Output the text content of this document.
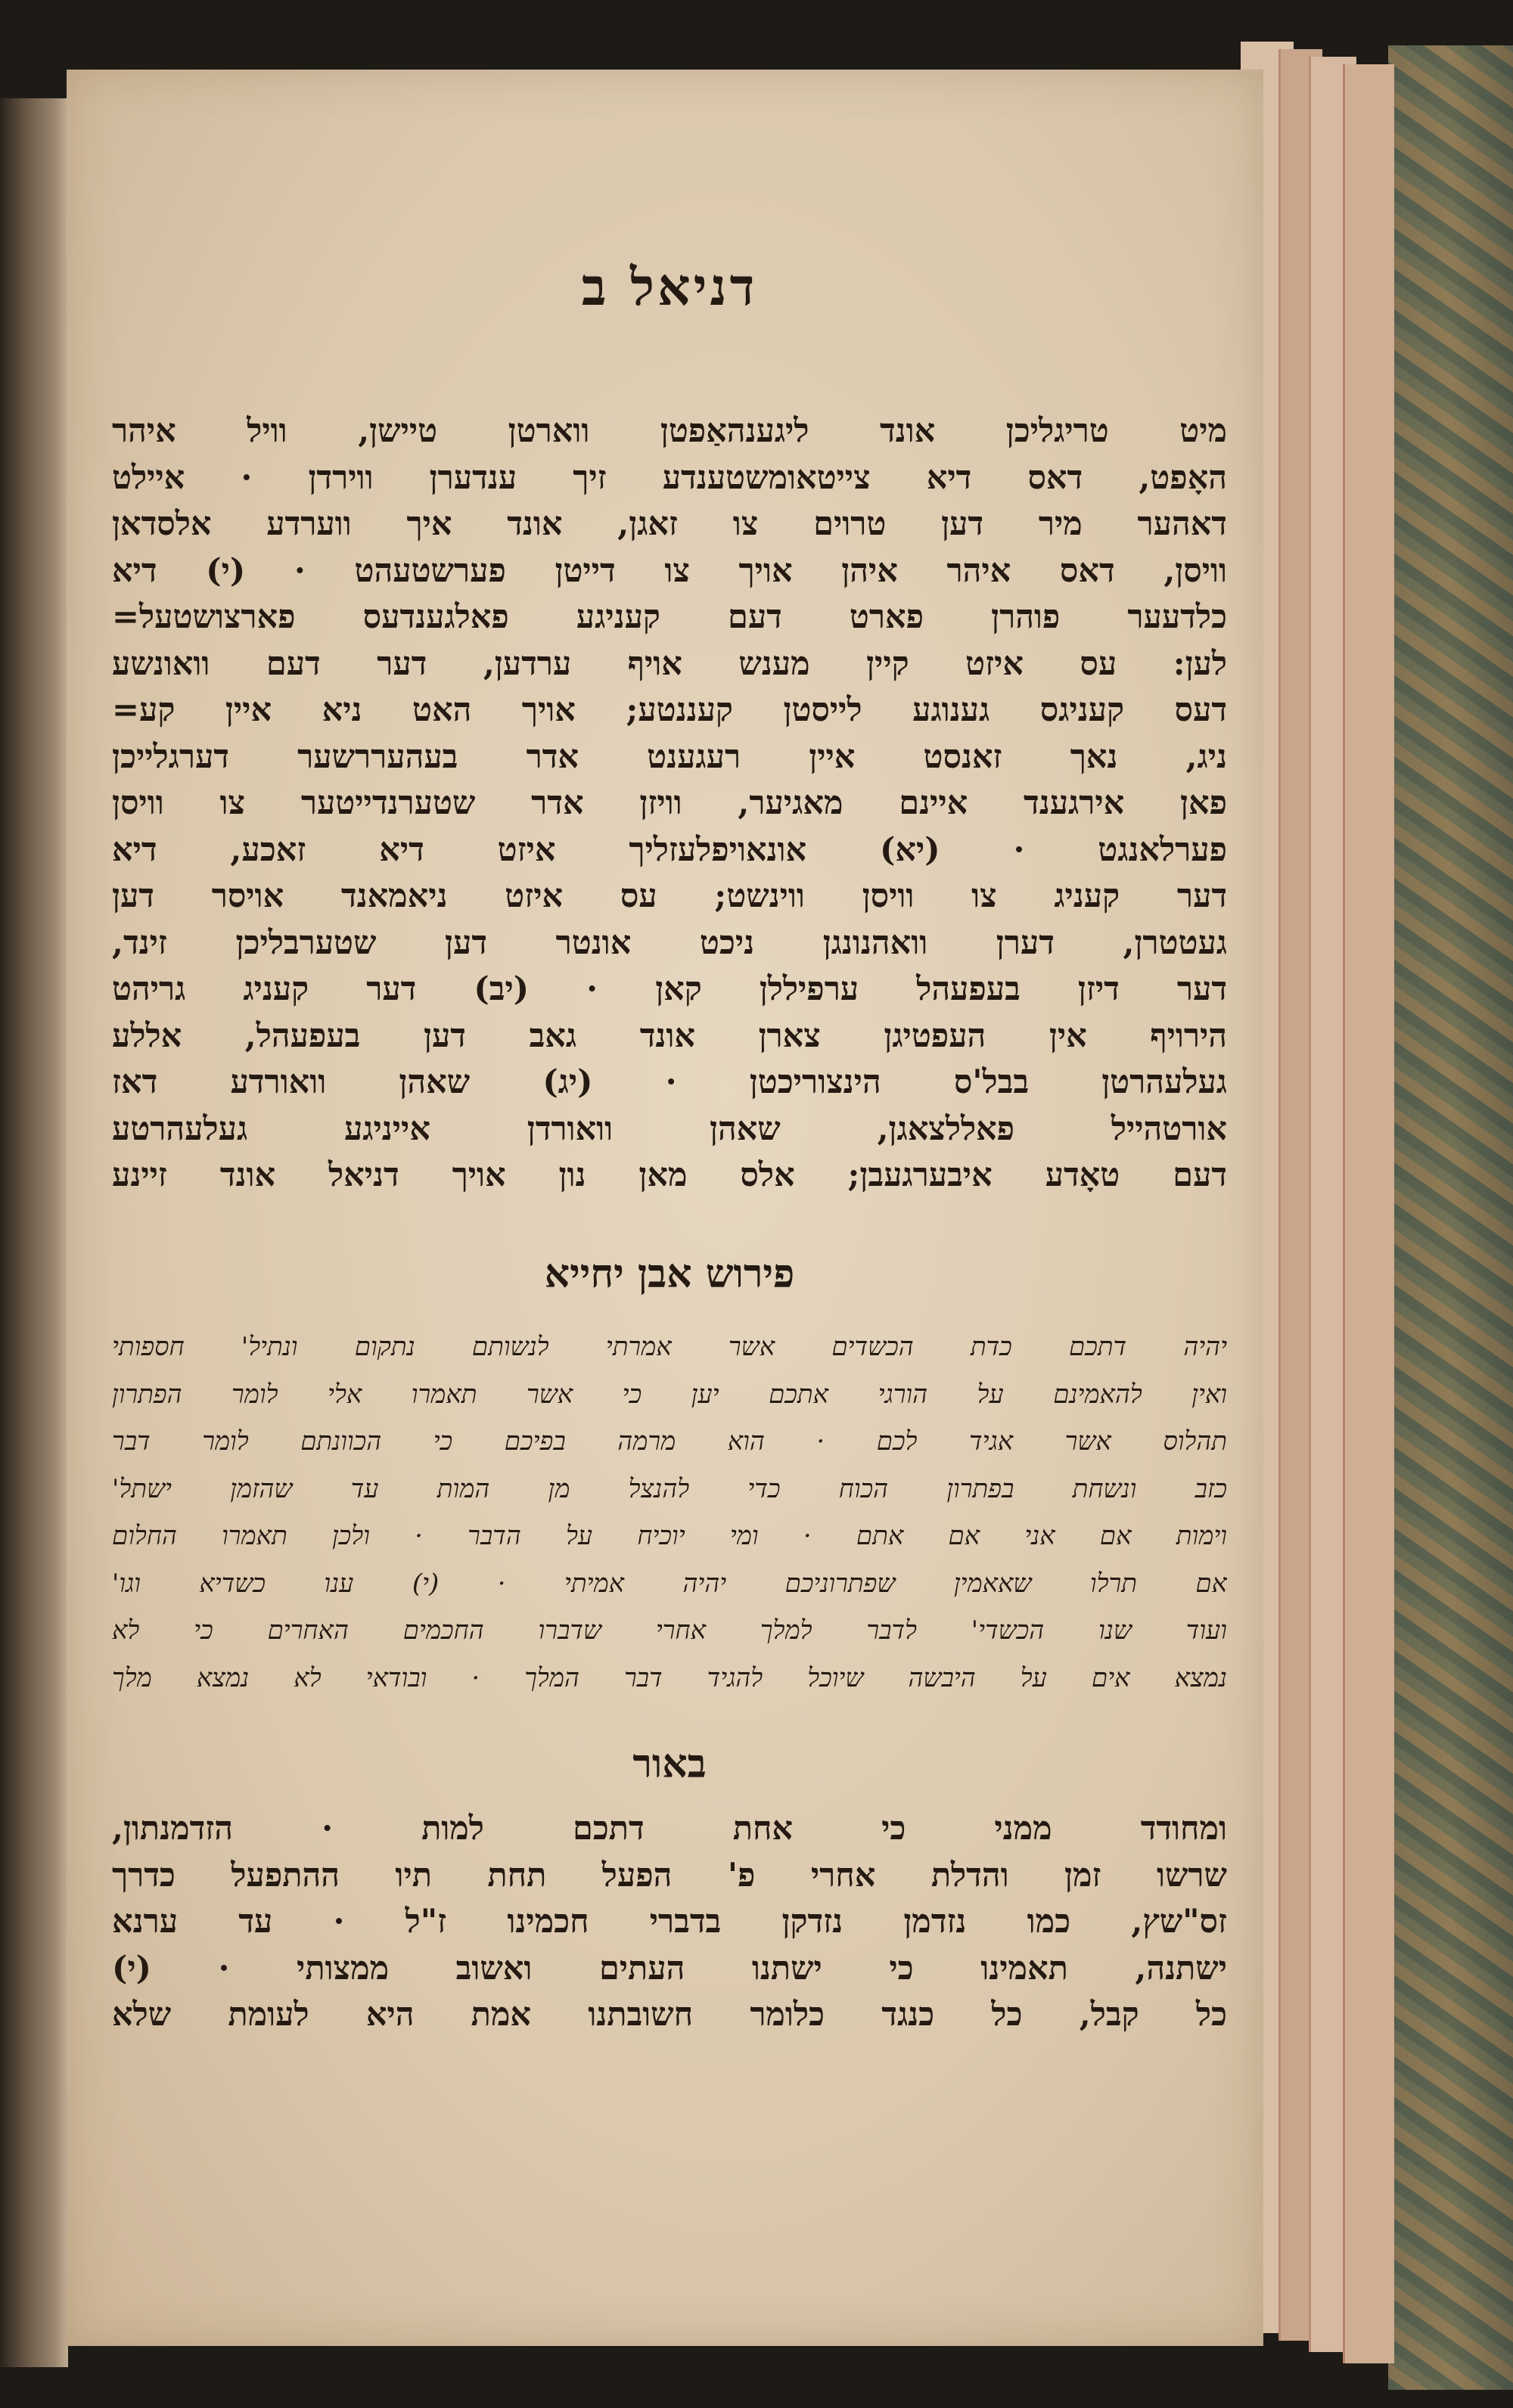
דניאל ב
מיט טריגליכן אונד ליגענהאַפטן ווארטן טיישן, וויל איהר
האָפט, דאס דיא צייטאומשטענדע זיך ענדערן ווירדן · איילט
דאהער מיר דען טרוים צו זאגן, אונד איך ווערדע אלסדאן
וויסן, דאס איהר איהן אויך צו דייטן פערשטעהט · (י) דיא
כלדעער פוהרן פארט דעם קעניגע פאלגענדעס פארצושטעל=
לען: עס איזט קיין מענש אויף ערדען, דער דעם וואונשע
דעס קעניגס גענוגע לייסטן קעננטע; אויך האט ניא איין קע=
ניג, נאך זאנסט איין רעגענט אדר בעהעררשער דערגלייכן
פאן אירגענד איינם מאגיער, וויזן אדר שטערנדייטער צו וויסן
פערלאנגט · (יא) אונאויפלעזליך איזט דיא זאכע, דיא
דער קעניג צו וויסן ווינשט; עס איזט ניאמאנד אויסר דען
געטטרן, דערן וואהנונגן ניכט אונטר דען שטערבליכן זינד,
דער דיזן בעפעהל ערפיללן קאן · (יב) דער קעניג גריהט
הירויף אין העפטיגן צארן אונד גאב דען בעפעהל, אללע
געלעהרטן בבל'ס הינצוריכטן · (יג) שאהן וואורדע דאז
אורטהייל פאללצאגן, שאהן וואורדן אייניגע געלעהרטע
דעם טאָדע איבערגעבן; אלס מאן נון אויך דניאל אונד זיינע
פירוש אבן יחייא
יהיה דתכם כדת הכשדים אשר אמרתי לנשותם נתקום ונתיל' חספותי
ואין להאמינם על הורגי אתכם יען כי אשר תאמרו אלי לומר הפתרון
תהלוס אשר אגיד לכם · הוא מרמה בפיכם כי הכוונתם לומר דבר
כזב ונשחת בפתרון הכוח כדי להנצל מן המות עד שהזמן ישתל'
וימות אם אני אם אתם · ומי יוכיח על הדבר · ולכן תאמרו החלום
אם תרלו שאאמין שפתרוניכם יהיה אמיתי · (י) ענו כשדיא וגו'
ועוד שנו הכשדי' לדבר למלך אחרי שדברו החכמים האחרים כי לא
נמצא אים על היבשה שיוכל להגיד דבר המלך · ובודאי לא נמצא מלך
באור
ומחודד ממני כי אחת דתכם למות · הזדמנתון,
שרשו זמן והדלת אחרי פ' הפעל תחת תיו ההתפעל כדרך
זס"שץ, כמו נזדמן נזדקן בדברי חכמינו ז"ל · עד ערנא
ישתנה, תאמינו כי ישתנו העתים ואשוב ממצותי · (י)
כל קבל, כל כנגד כלומר חשובתנו אמת היא לעומת שלא
